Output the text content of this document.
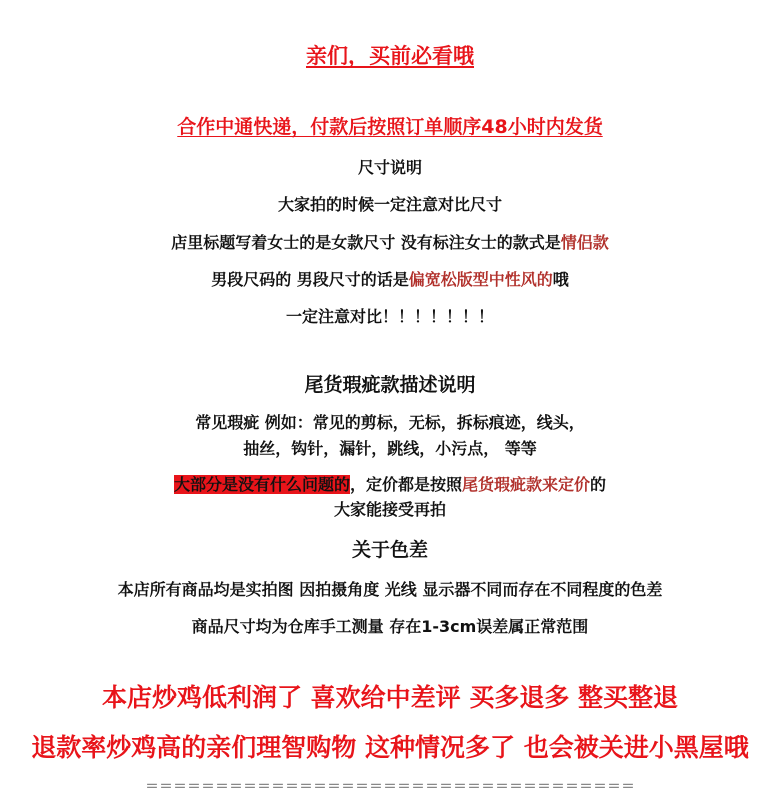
亲们，买前必看哦
合作中通快递，付款后按照订单顺序48小时内发货
尺寸说明
大家拍的时候一定注意对比尺寸
店里标题写着女士的是女款尺寸 没有标注女士的款式是情侣款
男段尺码的 男段尺寸的话是偏宽松版型中性风的哦
一定注意对比！！！！！！！
尾货瑕疵款描述说明
常见瑕疵 例如：常见的剪标，无标，拆标痕迹，线头，
抽丝，钩针，漏针，跳线，小污点， 等等
大部分是没有什么问题的，定价都是按照尾货瑕疵款来定价的
大家能接受再拍
关于色差
本店所有商品均是实拍图 因拍摄角度 光线 显示器不同而存在不同程度的色差
商品尺寸均为仓库手工测量 存在1-3cm误差属正常范围
本店炒鸡低利润了 喜欢给中差评 买多退多 整买整退
退款率炒鸡高的亲们理智购物 这种情况多了 也会被关进小黑屋哦
＝＝＝＝＝＝＝＝＝＝＝＝＝＝＝＝＝＝＝＝＝＝＝＝＝＝＝＝＝＝＝＝＝＝＝
